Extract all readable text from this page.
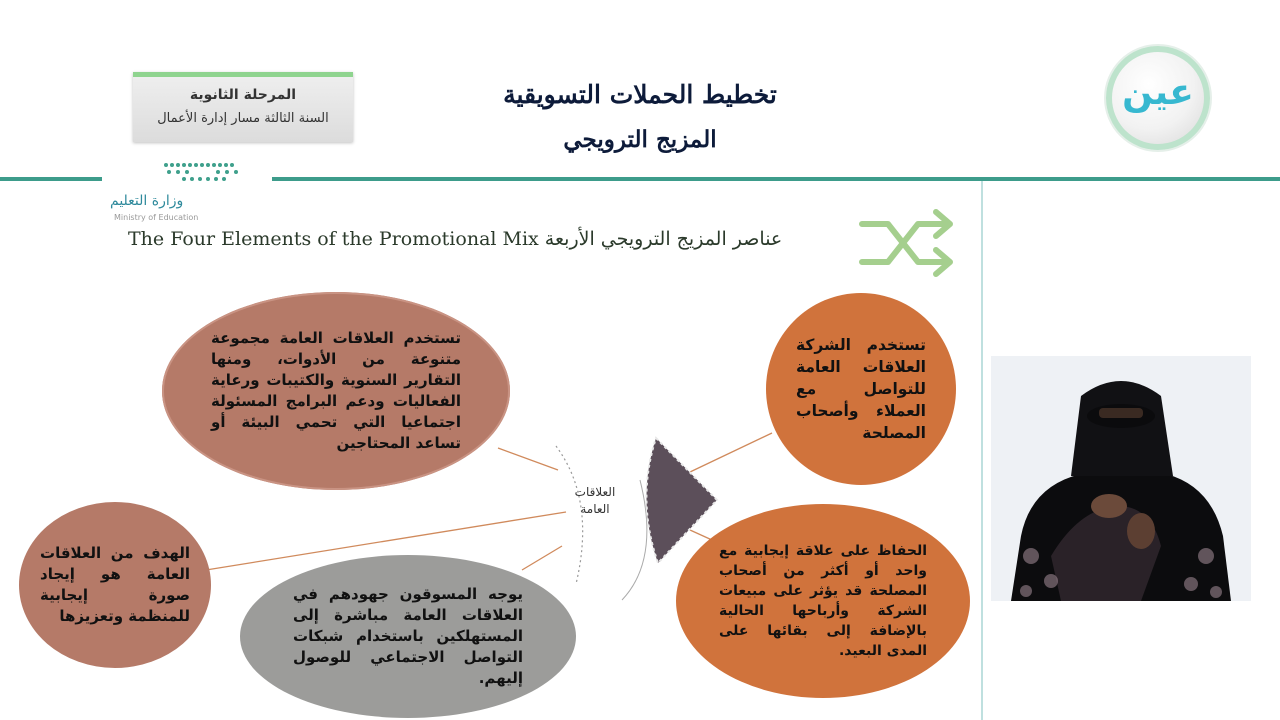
المرحلة الثانوية
السنة الثالثة مسار إدارة الأعمال
تخطيط الحملات التسويقية
المزيج الترويجي
عين
وزارة التعليم
Ministry of Education
The Four Elements of the Promotional Mix عناصر المزيج الترويجي الأربعة
العلاقات العامة

تستخدم العلاقات العامة مجموعة متنوعة من الأدوات، ومنها التقارير السنوية والكتيبات ورعاية الفعاليات ودعم البرامج المسئولة اجتماعيا التي تحمي البيئة أو تساعد المحتاجين

تستخدم الشركة العلاقات العامة للتواصل مع العملاء وأصحاب المصلحة

الحفاظ على علاقة إيجابية مع واحد أو أكثر من أصحاب المصلحة قد يؤثر على مبيعات الشركة وأرباحها الحالية بالإضافة إلى بقائها على المدى البعيد.

الهدف من العلاقات العامة هو إيجاد صورة إيجابية للمنظمة وتعزيزها

يوجه المسوقون جهودهم في العلاقات العامة مباشرة إلى المستهلكين باستخدام شبكات التواصل الاجتماعي للوصول إليهم.
